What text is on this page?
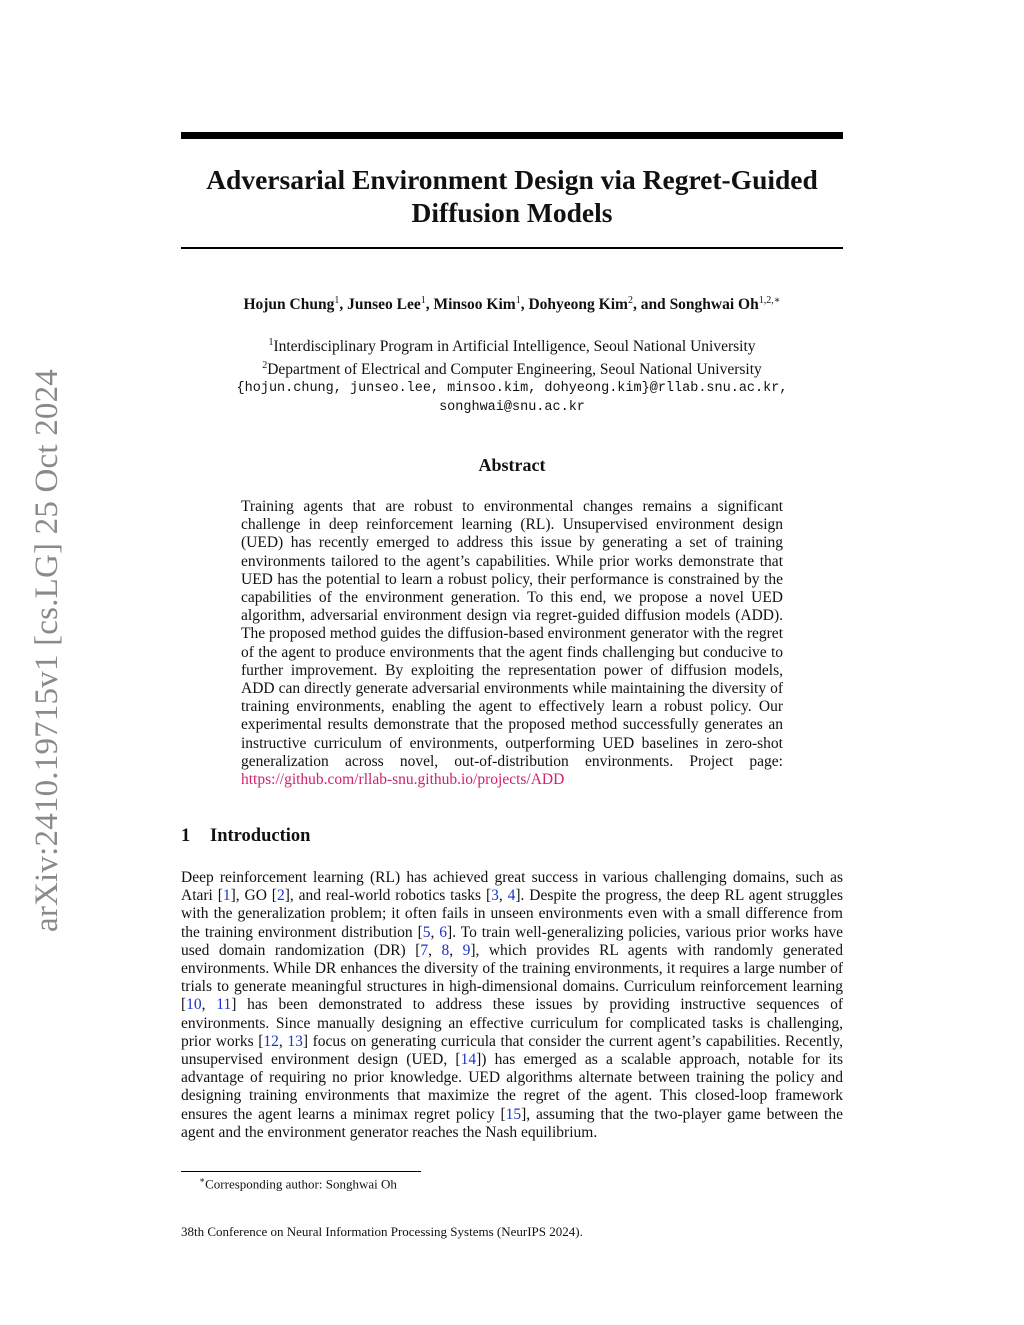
arXiv:2410.19715v1 [cs.LG] 25 Oct 2024
Adversarial Environment Design via Regret-Guided
Diffusion Models
Hojun Chung$^1$, Junseo Lee$^1$, Minsoo Kim$^1$, Dohyeong Kim$^2$, and Songhwai $Oh^{1,2,∗}$
$^1$Interdisciplinary Program in Artificial Intelligence, Seoul National University
$^2$Department of Electrical and Computer Engineering, Seoul National University
{hojun.chung, junseo.lee, minsoo.kim, dohyeong.kim}@rllab.snu.ac.kr,
songhwai@snu.ac.kr
Abstract

Training agents that are robust to environmental changes remains a significant challenge in deep reinforcement learning (RL). Unsupervised environment design (UED) has recently emerged to address this issue by generating a set of training environments tailored to the agent’s capabilities. While prior works demonstrate that UED has the potential to learn a robust policy, their performance is constrained by the capabilities of the environment generation. To this end, we propose a novel UED algorithm, adversarial environment design via regret-guided diffusion models (ADD). The proposed method guides the diffusion-based environment generator with the regret of the agent to produce environments that the agent finds challenging but conducive to further improvement. By exploiting the representation power of diffusion models, ADD can directly generate adversarial environments while maintaining the diversity of training environments, enabling the agent to effectively learn a robust policy. Our experimental results demonstrate that the proposed method successfully generates an instructive curriculum of environments, outperforming UED baselines in zero-shot generalization across novel, out-of-distribution environments. Project page: https://github.com/rllab-snu.github.io/projects/ADD

1 Introduction

Deep reinforcement learning (RL) has achieved great success in various challenging domains, such as Atari [1], GO [2], and real-world robotics tasks [3, 4]. Despite the progress, the deep RL agent struggles with the generalization problem; it often fails in unseen environments even with a small difference from the training environment distribution [5, 6]. To train well-generalizing policies, various prior works have used domain randomization (DR) [7, 8, 9], which provides RL agents with randomly generated environments. While DR enhances the diversity of the training environments, it requires a large number of trials to generate meaningful structures in high-dimensional domains. Curriculum reinforcement learning [10, 11] has been demonstrated to address these issues by providing instructive sequences of environments. Since manually designing an effective curriculum for complicated tasks is challenging, prior works [12, 13] focus on generating curricula that consider the current agent’s capabilities. Recently, unsupervised environment design (UED, [14]) has emerged as a scalable approach, notable for its advantage of requiring no prior knowledge. UED algorithms alternate between training the policy and designing training environments that maximize the regret of the agent. This closed-loop framework ensures the agent learns a minimax regret policy [15], assuming that the two-player game between the agent and the environment generator reaches the Nash equilibrium.

∗Corresponding author: Songhwai Oh
38th Conference on Neural Information Processing Systems (NeurIPS 2024).
